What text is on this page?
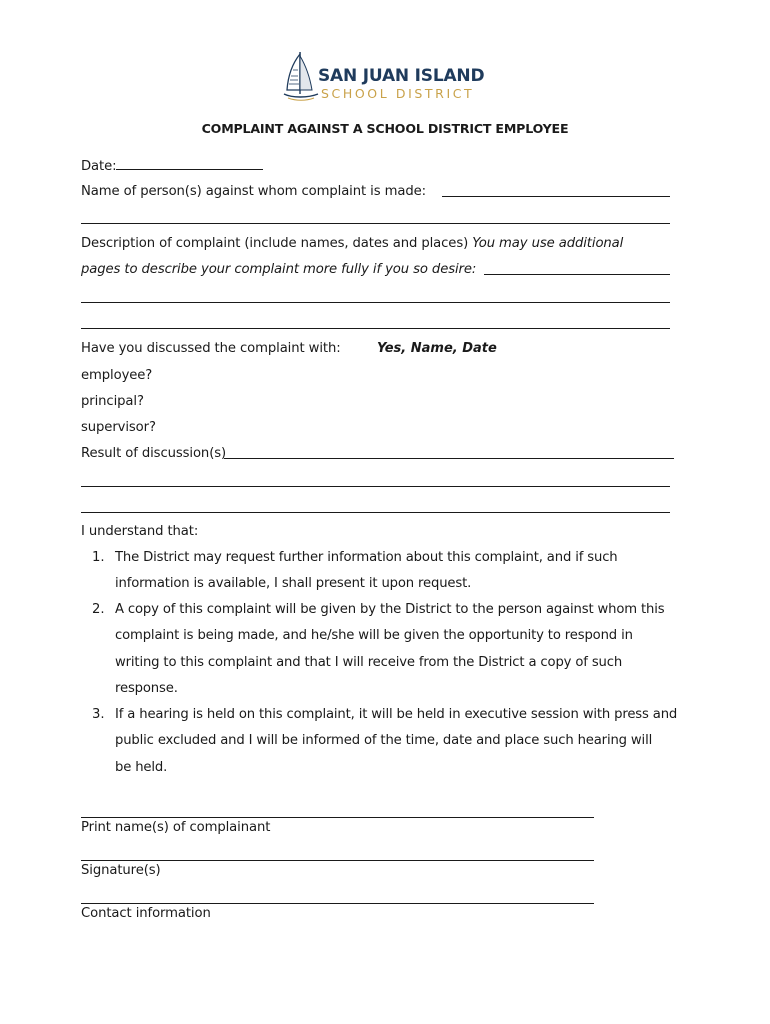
SAN JUAN ISLAND
SCHOOL DISTRICT
COMPLAINT AGAINST A SCHOOL DISTRICT EMPLOYEE
Date:
Name of person(s) against whom complaint is made:
Description of complaint (include names, dates and places) You may use additional
pages to describe your complaint more fully if you so desire:
Have you discussed the complaint with:	Yes, Name, Date
employee?
principal?
supervisor?
Result of discussion(s)
I understand that:
1. The District may request further information about this complaint, and if such
information is available, I shall present it upon request.
2. A copy of this complaint will be given by the District to the person against whom this
complaint is being made, and he/she will be given the opportunity to respond in
writing to this complaint and that I will receive from the District a copy of such
response.
3. If a hearing is held on this complaint, it will be held in executive session with press and
public excluded and I will be informed of the time, date and place such hearing will
be held.
Print name(s) of complainant
Signature(s)
Contact information
